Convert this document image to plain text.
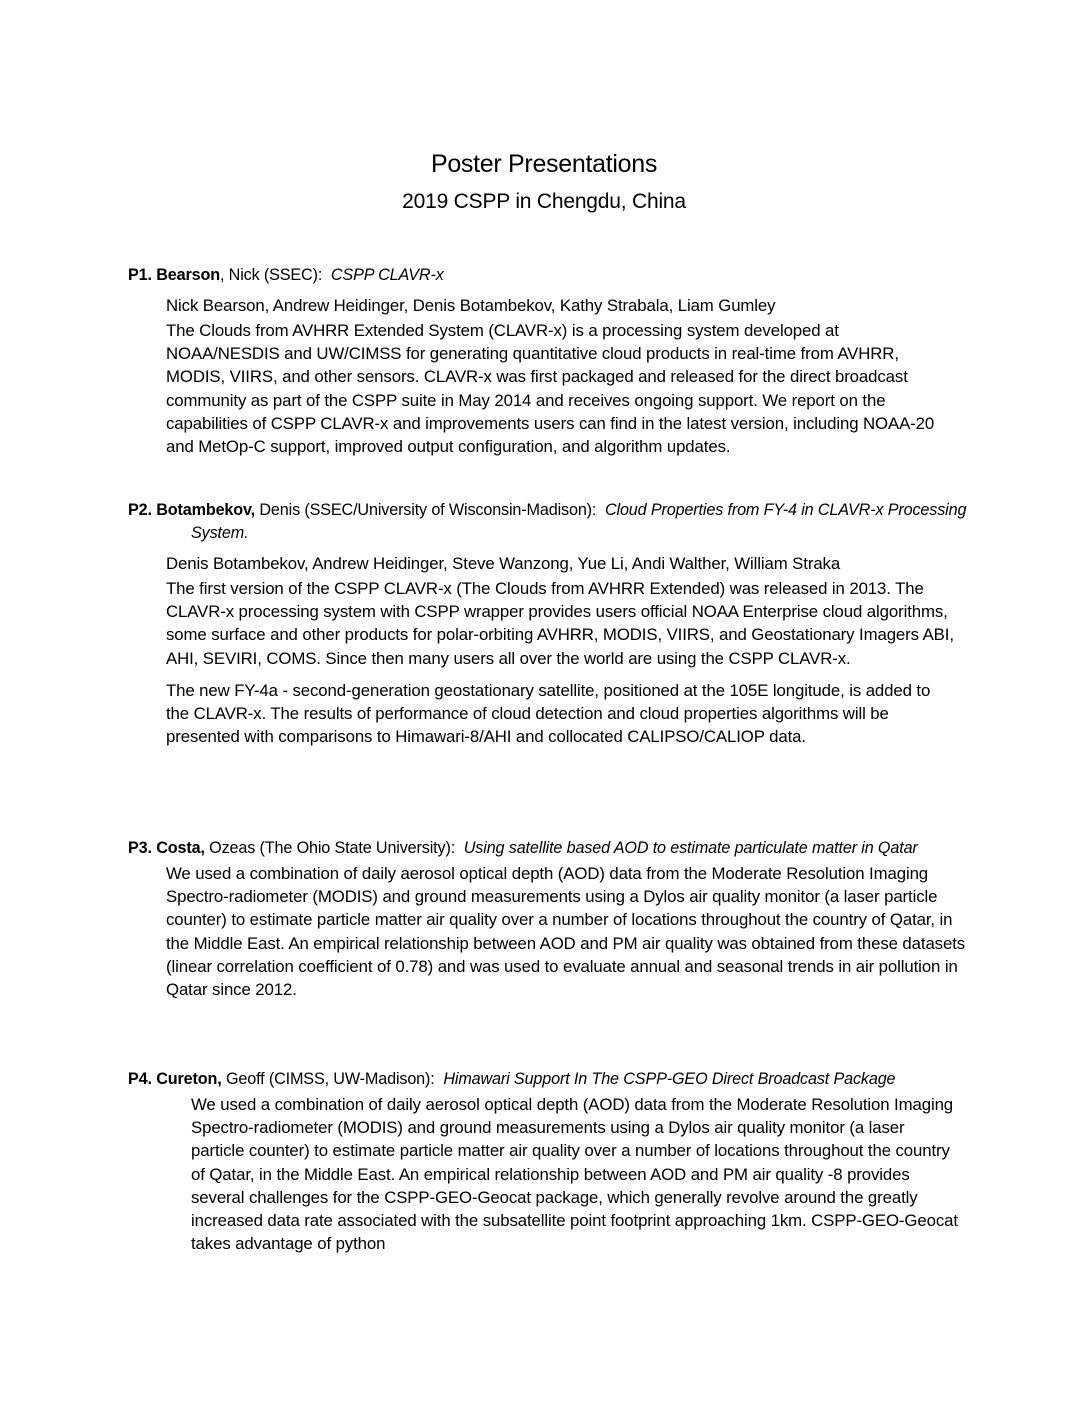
Poster Presentations
2019 CSPP in Chengdu, China
P1. Bearson, Nick (SSEC): CSPP CLAVR-x
Nick Bearson, Andrew Heidinger, Denis Botambekov, Kathy Strabala, Liam Gumley
The Clouds from AVHRR Extended System (CLAVR-x) is a processing system developed at NOAA/NESDIS and UW/CIMSS for generating quantitative cloud products in real-time from AVHRR, MODIS, VIIRS, and other sensors. CLAVR-x was first packaged and released for the direct broadcast community as part of the CSPP suite in May 2014 and receives ongoing support. We report on the capabilities of CSPP CLAVR-x and improvements users can find in the latest version, including NOAA-20 and MetOp-C support, improved output configuration, and algorithm updates.
P2. Botambekov, Denis (SSEC/University of Wisconsin-Madison): Cloud Properties from FY-4 in CLAVR-x Processing System.
Denis Botambekov, Andrew Heidinger, Steve Wanzong, Yue Li, Andi Walther, William Straka
The first version of the CSPP CLAVR-x (The Clouds from AVHRR Extended) was released in 2013. The CLAVR-x processing system with CSPP wrapper provides users official NOAA Enterprise cloud algorithms, some surface and other products for polar-orbiting AVHRR, MODIS, VIIRS, and Geostationary Imagers ABI, AHI, SEVIRI, COMS. Since then many users all over the world are using the CSPP CLAVR-x.
The new FY-4a - second-generation geostationary satellite, positioned at the 105E longitude, is added to the CLAVR-x. The results of performance of cloud detection and cloud properties algorithms will be presented with comparisons to Himawari-8/AHI and collocated CALIPSO/CALIOP data.
P3. Costa, Ozeas (The Ohio State University): Using satellite based AOD to estimate particulate matter in Qatar
We used a combination of daily aerosol optical depth (AOD) data from the Moderate Resolution Imaging Spectro-radiometer (MODIS) and ground measurements using a Dylos air quality monitor (a laser particle counter) to estimate particle matter air quality over a number of locations throughout the country of Qatar, in the Middle East. An empirical relationship between AOD and PM air quality was obtained from these datasets (linear correlation coefficient of 0.78) and was used to evaluate annual and seasonal trends in air pollution in Qatar since 2012.
P4. Cureton, Geoff (CIMSS, UW-Madison): Himawari Support In The CSPP-GEO Direct Broadcast Package
We used a combination of daily aerosol optical depth (AOD) data from the Moderate Resolution Imaging Spectro-radiometer (MODIS) and ground measurements using a Dylos air quality monitor (a laser particle counter) to estimate particle matter air quality over a number of locations throughout the country of Qatar, in the Middle East. An empirical relationship between AOD and PM air quality -8 provides several challenges for the CSPP-GEO-Geocat package, which generally revolve around the greatly increased data rate associated with the subsatellite point footprint approaching 1km. CSPP-GEO-Geocat takes advantage of python
